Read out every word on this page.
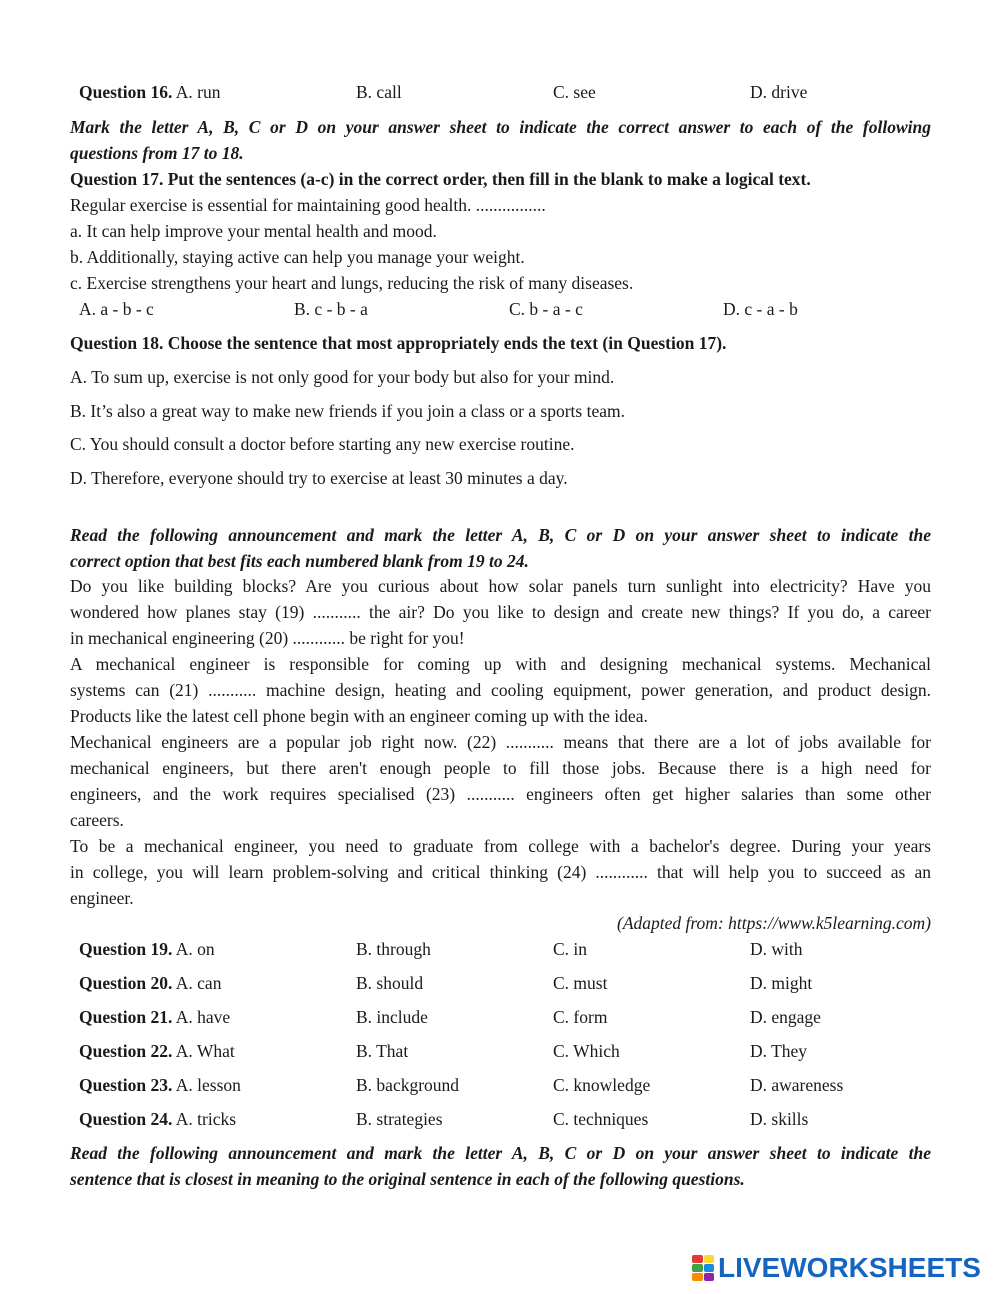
Question 16. A. run	B. call	C. see	D. drive
Mark the letter A, B, C or D on your answer sheet to indicate the correct answer to each of the following
questions from 17 to 18.
Question 17. Put the sentences (a-c) in the correct order, then fill in the blank to make a logical text.
Regular exercise is essential for maintaining good health. ................
a. It can help improve your mental health and mood.
b. Additionally, staying active can help you manage your weight.
c. Exercise strengthens your heart and lungs, reducing the risk of many diseases.
A. a - b - c	B. c - b - a	C. b - a - c	D. c - a - b
Question 18. Choose the sentence that most appropriately ends the text (in Question 17).
A. To sum up, exercise is not only good for your body but also for your mind.
B. It’s also a great way to make new friends if you join a class or a sports team.
C. You should consult a doctor before starting any new exercise routine.
D. Therefore, everyone should try to exercise at least 30 minutes a day.
Read the following announcement and mark the letter A, B, C or D on your answer sheet to indicate the
correct option that best fits each numbered blank from 19 to 24.
Do you like building blocks? Are you curious about how solar panels turn sunlight into electricity? Have you
wondered how planes stay (19) ........... the air? Do you like to design and create new things? If you do, a career
in mechanical engineering (20) ............ be right for you!
A mechanical engineer is responsible for coming up with and designing mechanical systems. Mechanical
systems can (21) ........... machine design, heating and cooling equipment, power generation, and product design.
Products like the latest cell phone begin with an engineer coming up with the idea.
Mechanical engineers are a popular job right now. (22) ........... means that there are a lot of jobs available for
mechanical engineers, but there aren't enough people to fill those jobs. Because there is a high need for
engineers, and the work requires specialised (23) ........... engineers often get higher salaries than some other
careers.
To be a mechanical engineer, you need to graduate from college with a bachelor's degree. During your years
in college, you will learn problem-solving and critical thinking (24) ............ that will help you to succeed as an
engineer.
(Adapted from: https://www.k5learning.com)
Question 19. A. on	B. through	C. in	D. with
Question 20. A. can	B. should	C. must	D. might
Question 21. A. have	B. include	C. form	D. engage
Question 22. A. What	B. That	C. Which	D. They
Question 23. A. lesson	B. background	C. knowledge	D. awareness
Question 24. A. tricks	B. strategies	C. techniques	D. skills
Read the following announcement and mark the letter A, B, C or D on your answer sheet to indicate the
sentence that is closest in meaning to the original sentence in each of the following questions.
LIVEWORKSHEETS
